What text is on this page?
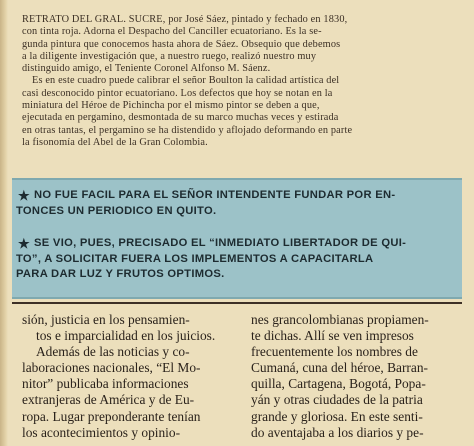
RETRATO DEL GRAL. SUCRE, por José Sáez, pintado y fechado en 1830,
con tinta roja. Adorna el Despacho del Canciller ecuatoriano. Es la se-
gunda pintura que conocemos hasta ahora de Sáez. Obsequio que debemos
a la diligente investigación que, a nuestro ruego, realizó nuestro muy
distinguido amigo, el Teniente Coronel Alfonso M. Sáenz.
Es en este cuadro puede calibrar el señor Boulton la calidad artística del
casi desconocido pintor ecuatoriano. Los defectos que hoy se notan en la
miniatura del Héroe de Pichincha por el mismo pintor se deben a que,
ejecutada en pergamino, desmontada de su marco muchas veces y estirada
en otras tantas, el pergamino se ha distendido y aflojado deformando en parte
la fisonomía del Abel de la Gran Colombia.
★ NO FUE FACIL PARA EL SEÑOR INTENDENTE FUNDAR POR EN-
TONCES UN PERIODICO EN QUITO.
★ SE VIO, PUES, PRECISADO EL “INMEDIATO LIBERTADOR DE QUI-
TO”, A SOLICITAR FUERA LOS IMPLEMENTOS A CAPACITARLA
PARA DAR LUZ Y FRUTOS OPTIMOS.
sión, justicia en los pensamien-
tos e imparcialidad en los juicios.
Además de las noticias y co-
laboraciones nacionales, “El Mo-
nitor” publicaba informaciones
extranjeras de América y de Eu-
ropa. Lugar preponderante tenían
los acontecimientos y opinio-
nes grancolombianas propiamen-
te dichas. Allí se ven impresos
frecuentemente los nombres de
Cumaná, cuna del héroe, Barran-
quilla, Cartagena, Bogotá, Popa-
yán y otras ciudades de la patria
grande y gloriosa. En este senti-
do aventajaba a los diarios y pe-
